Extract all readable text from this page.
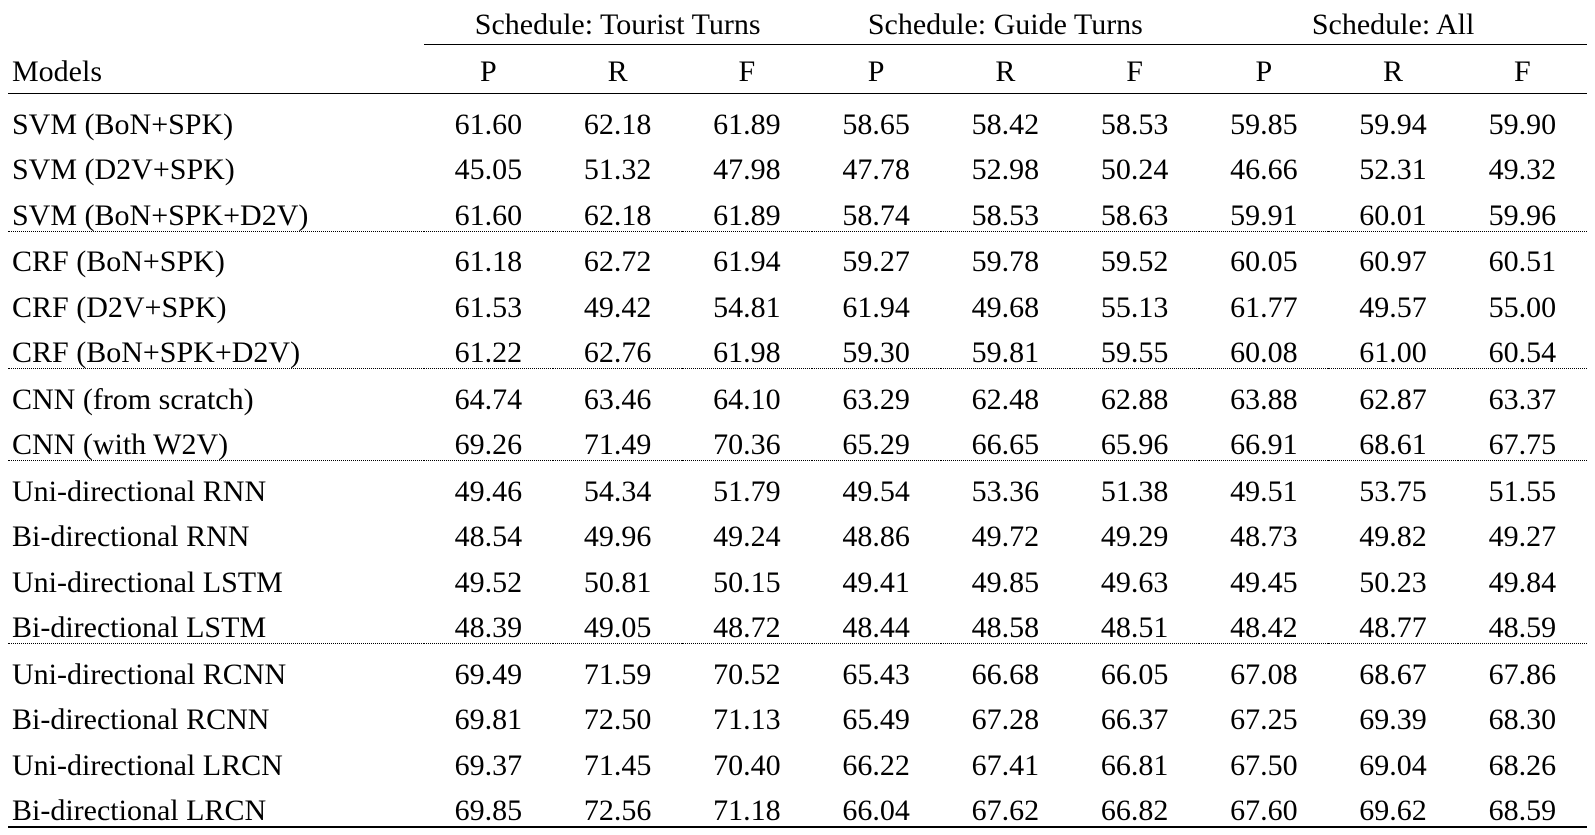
	Schedule: Tourist Turns			Schedule: Guide Turns			Schedule: All		
Models	P	R	F	P	R	F	P	R	F
SVM (BoN+SPK)	61.60	62.18	61.89	58.65	58.42	58.53	59.85	59.94	59.90
SVM (D2V+SPK)	45.05	51.32	47.98	47.78	52.98	50.24	46.66	52.31	49.32
SVM (BoN+SPK+D2V)	61.60	62.18	61.89	58.74	58.53	58.63	59.91	60.01	59.96
CRF (BoN+SPK)	61.18	62.72	61.94	59.27	59.78	59.52	60.05	60.97	60.51
CRF (D2V+SPK)	61.53	49.42	54.81	61.94	49.68	55.13	61.77	49.57	55.00
CRF (BoN+SPK+D2V)	61.22	62.76	61.98	59.30	59.81	59.55	60.08	61.00	60.54
CNN (from scratch)	64.74	63.46	64.10	63.29	62.48	62.88	63.88	62.87	63.37
CNN (with W2V)	69.26	71.49	70.36	65.29	66.65	65.96	66.91	68.61	67.75
Uni-directional RNN	49.46	54.34	51.79	49.54	53.36	51.38	49.51	53.75	51.55
Bi-directional RNN	48.54	49.96	49.24	48.86	49.72	49.29	48.73	49.82	49.27
Uni-directional LSTM	49.52	50.81	50.15	49.41	49.85	49.63	49.45	50.23	49.84
Bi-directional LSTM	48.39	49.05	48.72	48.44	48.58	48.51	48.42	48.77	48.59
Uni-directional RCNN	69.49	71.59	70.52	65.43	66.68	66.05	67.08	68.67	67.86
Bi-directional RCNN	69.81	72.50	71.13	65.49	67.28	66.37	67.25	69.39	68.30
Uni-directional LRCN	69.37	71.45	70.40	66.22	67.41	66.81	67.50	69.04	68.26
Bi-directional LRCN	69.85	72.56	71.18	66.04	67.62	66.82	67.60	69.62	68.59
